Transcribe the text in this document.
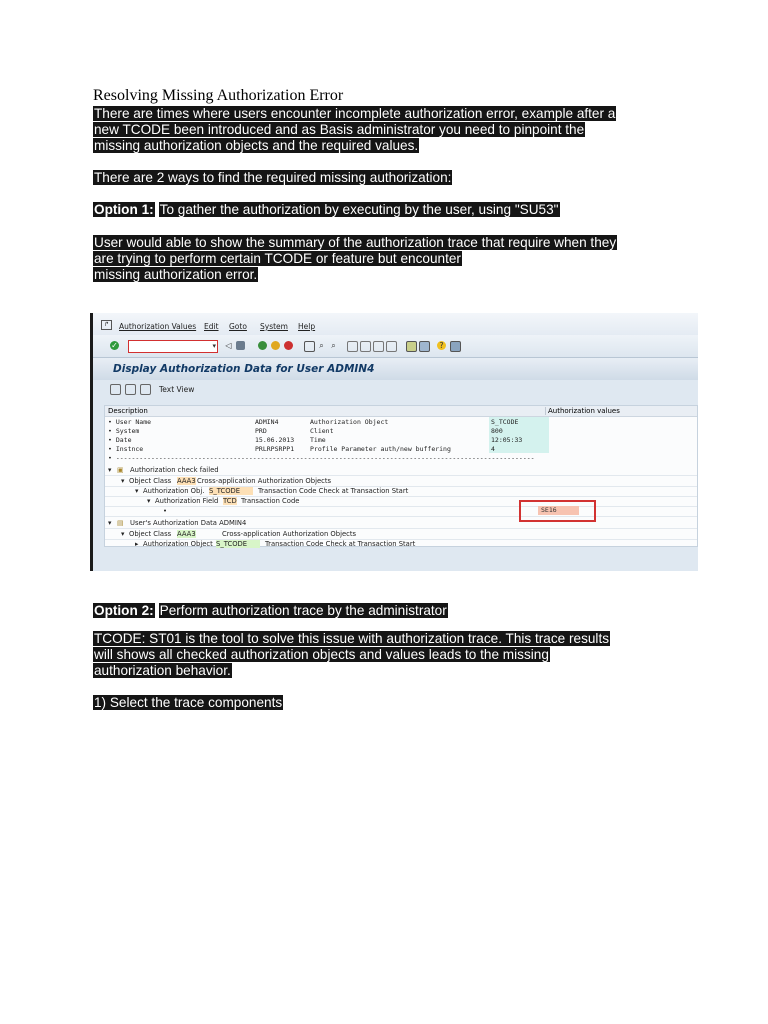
Resolving Missing Authorization Error
There are times where users encounter incomplete authorization error, example after a
new TCODE been introduced and as Basis administrator you need to pinpoint the
missing authorization objects and the required values.
There are 2 ways to find the required missing authorization:
Option 1: To gather the authorization by executing by the user, using "SU53"
User would able to show the summary of the authorization trace that require when they
are trying to perform certain TCODE or feature but encounter
missing authorization error.
↱	Authorization Values Edit Goto System Help
✓	▾ ◁	⌕ ⌕	?
Display Authorization Data for User ADMIN4
Text View
Description	Authorization values
• User Name	ADMIN4	Authorization Object	S_TCODE
• System	PRD	Client	800
• Date	15.06.2013 Time	12:05:33
• Instnce	PRLRPSRPP1 Profile Parameter auth/new buffering	4
• -----------------------------------------------------------------------------------------------------------
▾ ▣ Authorization check failed
▾ Object Class AAA3 Cross-application Authorization Objects
▾ Authorization Obj. S_TCODE	Transaction Code Check at Transaction Start
▾ Authorization Field TCD Transaction Code
•
▾ ▤ User's Authorization Data ADMIN4
▾ Object Class AAA3	Cross-application Authorization Objects
▸ Authorization Object S_TCODE	Transaction Code Check at Transaction Start
SE16
Option 2: Perform authorization trace by the administrator
TCODE: ST01 is the tool to solve this issue with authorization trace. This trace results
will shows all checked authorization objects and values leads to the missing
authorization behavior.
1) Select the trace components
